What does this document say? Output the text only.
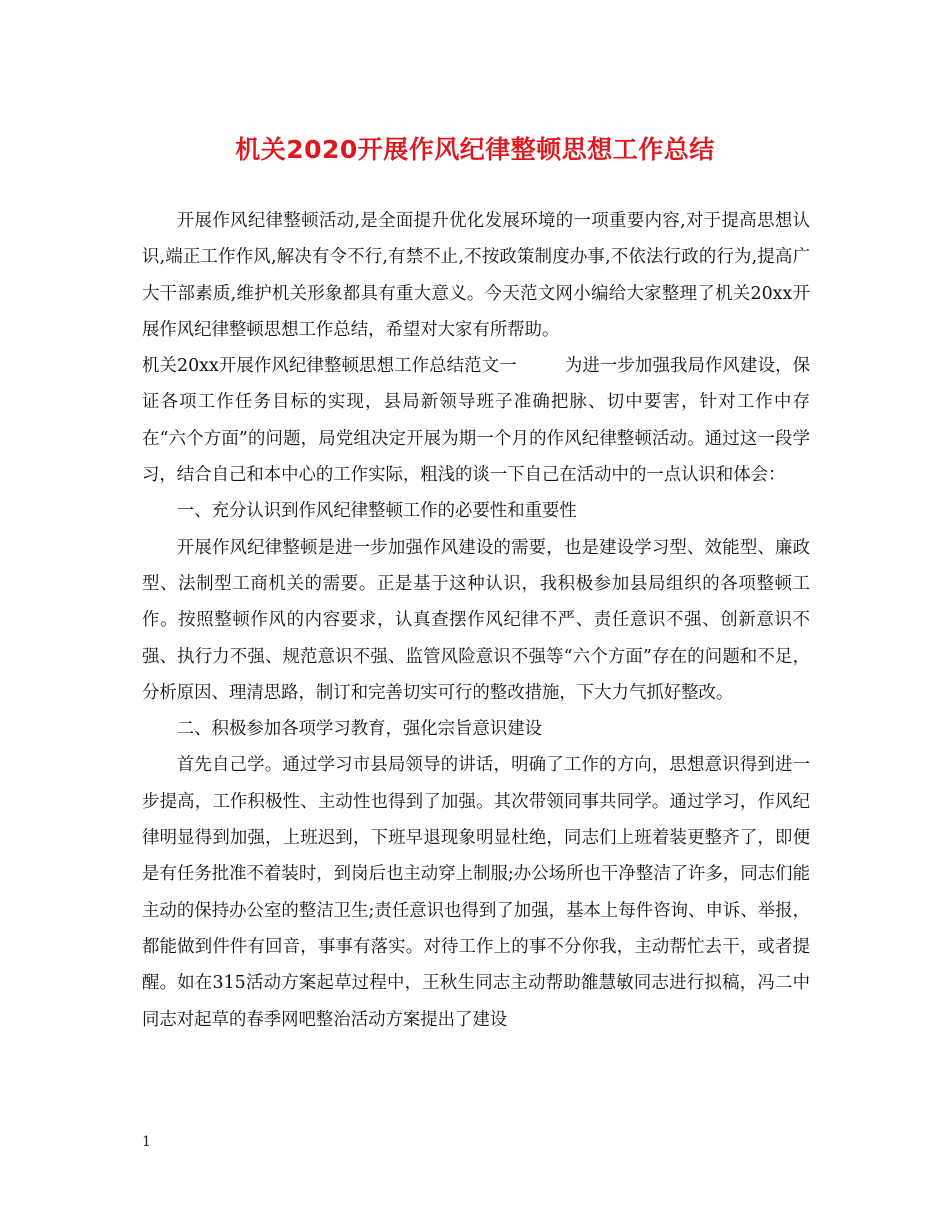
机关2020开展作风纪律整顿思想工作总结

开展作风纪律整顿活动,是全面提升优化发展环境的一项重要内容,对于提高思想认识,端正工作作风,解决有令不行,有禁不止,不按政策制度办事,不依法行政的行为,提高广大干部素质,维护机关形象都具有重大意义。今天范文网小编给大家整理了机关20xx开展作风纪律整顿思想工作总结，希望对大家有所帮助。

机关20xx开展作风纪律整顿思想工作总结范文一	为进一步加强我局作风建设，保证各项工作任务目标的实现，县局新领导班子准确把脉、切中要害，针对工作中存在“六个方面”的问题，局党组决定开展为期一个月的作风纪律整顿活动。通过这一段学习，结合自己和本中心的工作实际，粗浅的谈一下自己在活动中的一点认识和体会：

一、充分认识到作风纪律整顿工作的必要性和重要性

开展作风纪律整顿是进一步加强作风建设的需要，也是建设学习型、效能型、廉政型、法制型工商机关的需要。正是基于这种认识，我积极参加县局组织的各项整顿工作。按照整顿作风的内容要求，认真查摆作风纪律不严、责任意识不强、创新意识不强、执行力不强、规范意识不强、监管风险意识不强等“六个方面”存在的问题和不足，分析原因、理清思路，制订和完善切实可行的整改措施，下大力气抓好整改。

二、积极参加各项学习教育，强化宗旨意识建设

首先自己学。通过学习市县局领导的讲话，明确了工作的方向，思想意识得到进一步提高，工作积极性、主动性也得到了加强。其次带领同事共同学。通过学习，作风纪律明显得到加强，上班迟到，下班早退现象明显杜绝，同志们上班着装更整齐了，即便是有任务批准不着装时，到岗后也主动穿上制服;办公场所也干净整洁了许多，同志们能主动的保持办公室的整洁卫生;责任意识也得到了加强，基本上每件咨询、申诉、举报，都能做到件件有回音，事事有落实。对待工作上的事不分你我，主动帮忙去干，或者提醒。如在315活动方案起草过程中，王秋生同志主动帮助雒慧敏同志进行拟稿，冯二中同志对起草的春季网吧整治活动方案提出了建设

1
